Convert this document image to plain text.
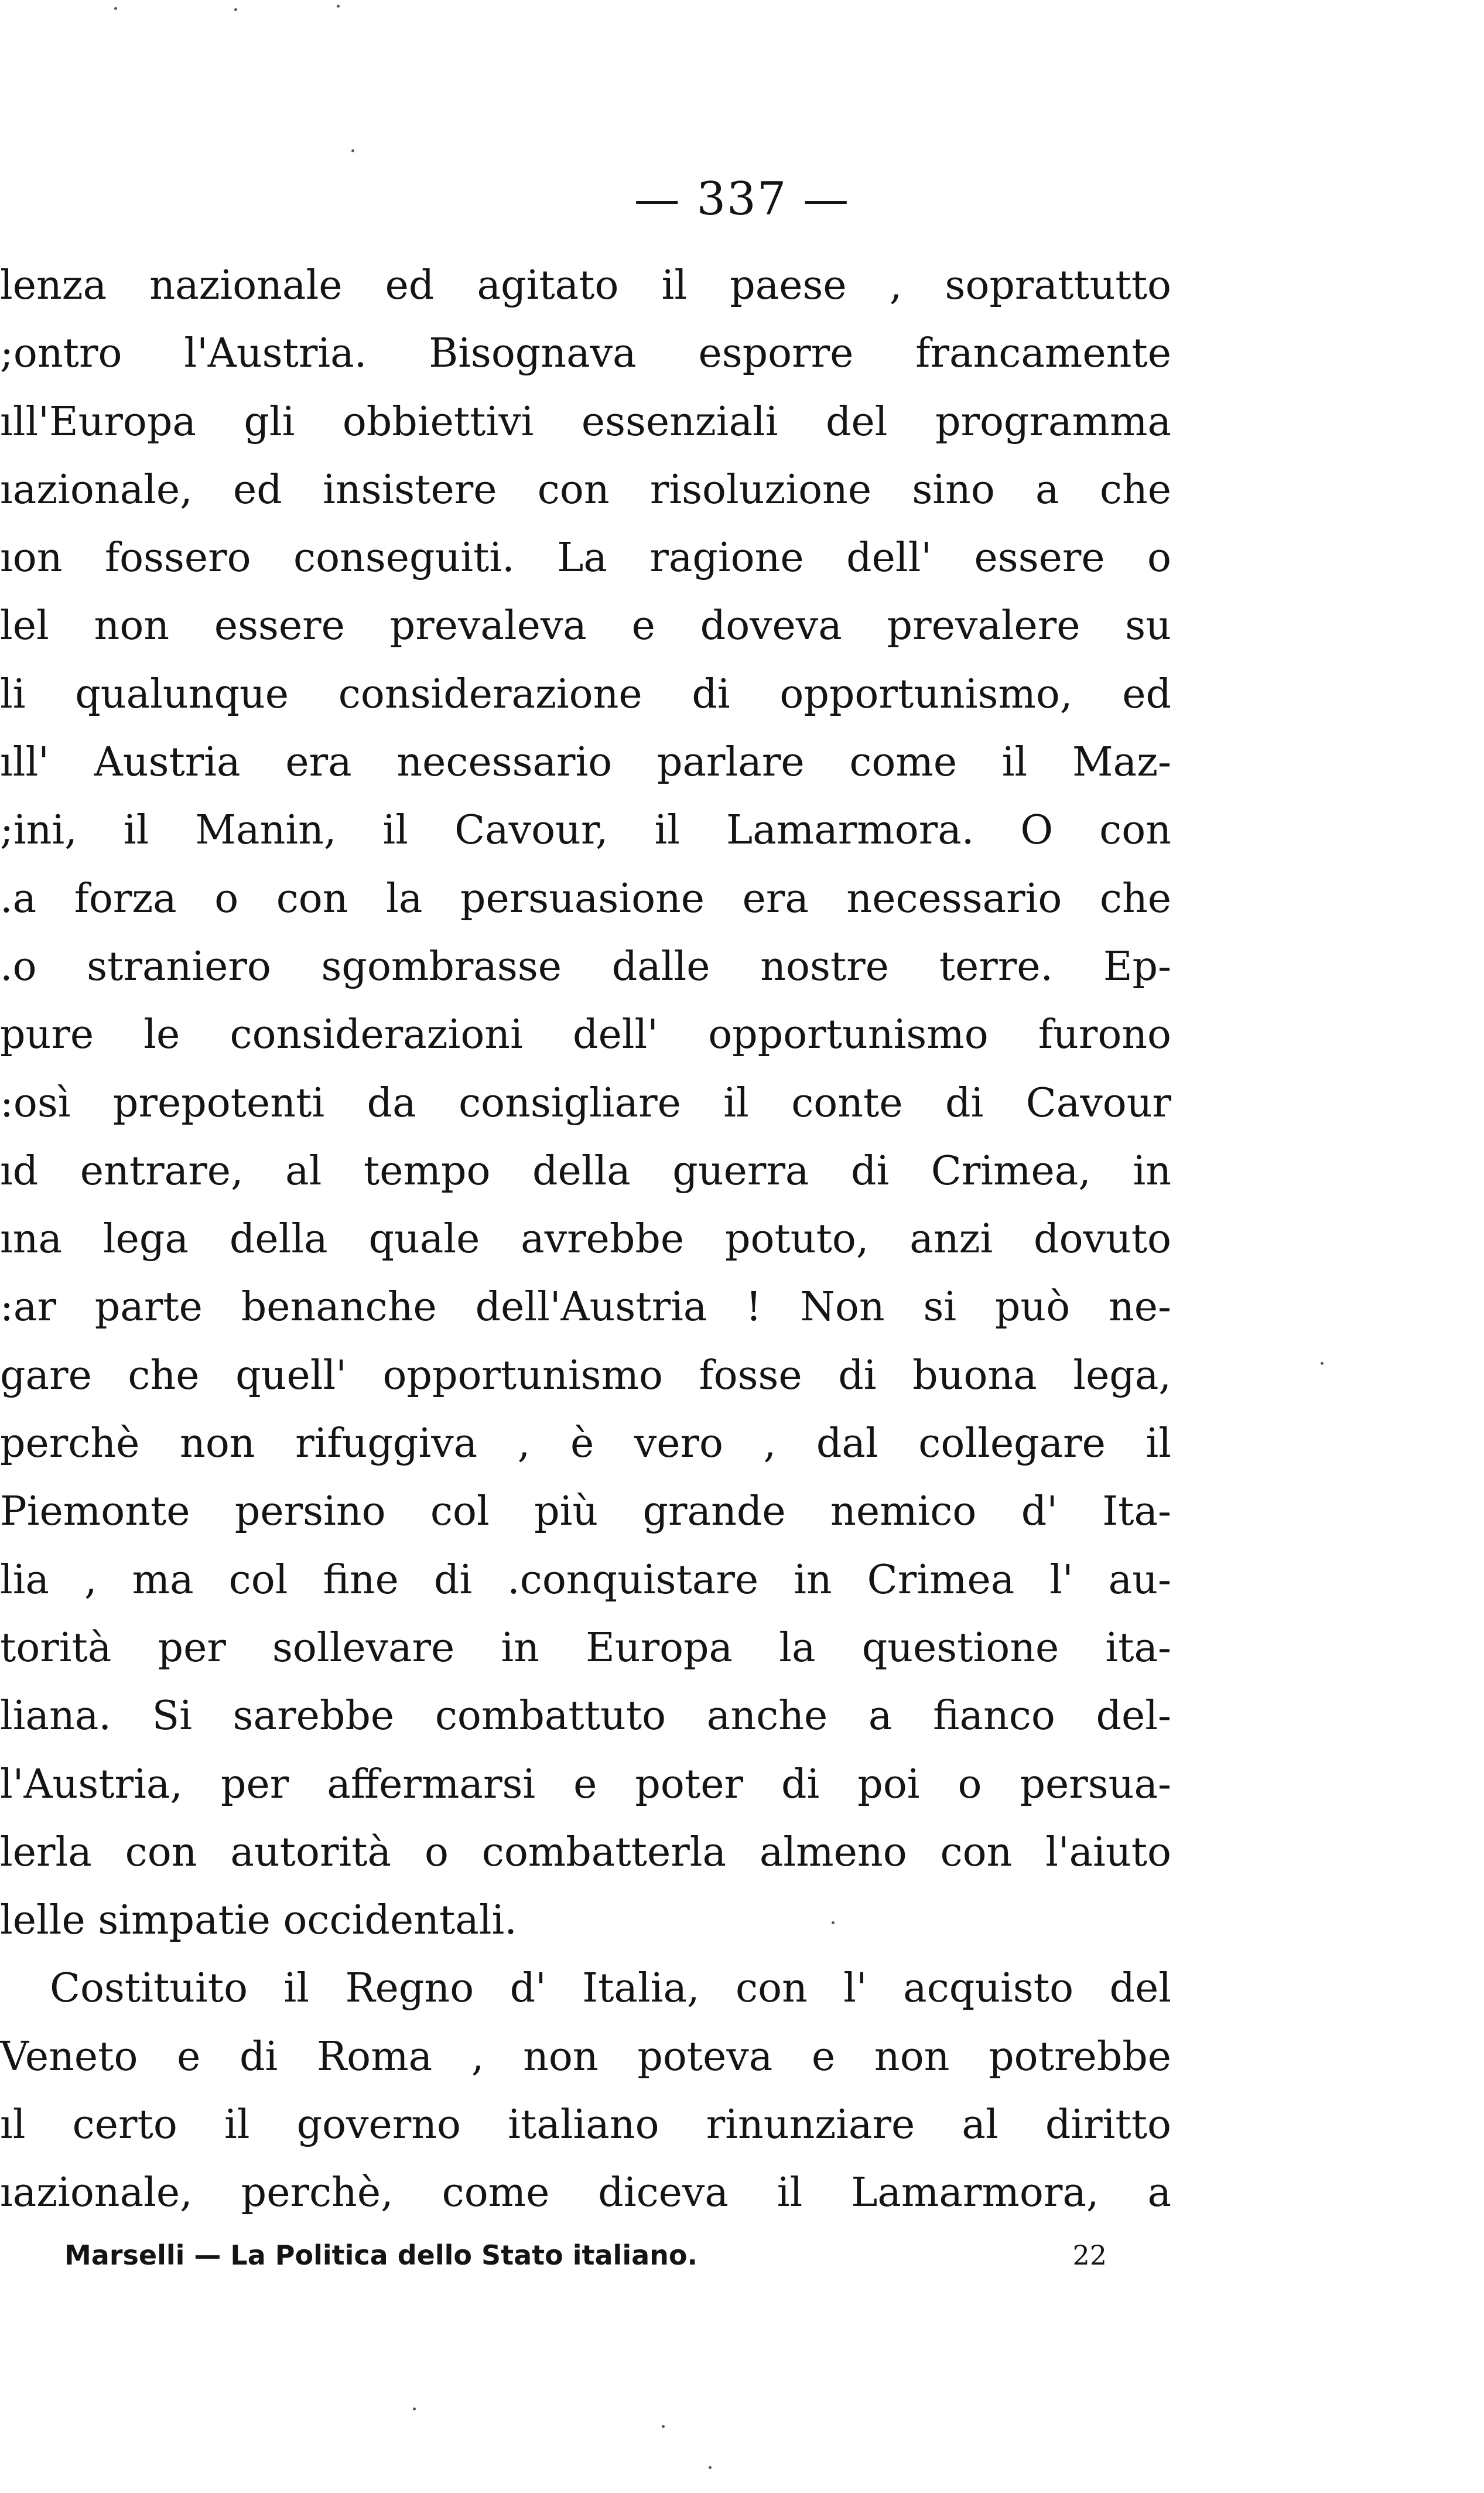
— 337 —
lenza nazionale ed agitato il paese , soprattutto
;ontro l'Austria. Bisognava esporre francamente
ıll'Europa gli obbiettivi essenziali del programma
ıazionale, ed insistere con risoluzione sino a che
ıon fossero conseguiti. La ragione dell' essere o
lel non essere prevaleva e doveva prevalere su
li qualunque considerazione di opportunismo, ed
ıll' Austria era necessario parlare come il Maz-
;ini, il Manin, il Cavour, il Lamarmora. O con
.a forza o con la persuasione era necessario che
.o straniero sgombrasse dalle nostre terre. Ep-
pure le considerazioni dell' opportunismo furono
:osì prepotenti da consigliare il conte di Cavour
ıd entrare, al tempo della guerra di Crimea, in
ına lega della quale avrebbe potuto, anzi dovuto
:ar parte benanche dell'Austria ! Non si può ne-
gare che quell' opportunismo fosse di buona lega,
perchè non rifuggiva , è vero , dal collegare il
Piemonte persino col più grande nemico d' Ita-
lia , ma col fine di .conquistare in Crimea l' au-
torità per sollevare in Europa la questione ita-
liana. Si sarebbe combattuto anche a fianco del-
l'Austria, per affermarsi e poter di poi o persua-
lerla con autorità o combatterla almeno con l'aiuto
lelle simpatie occidentali.
Costituito il Regno d' Italia, con l' acquisto del
Veneto e di Roma , non poteva e non potrebbe
ıl certo il governo italiano rinunziare al diritto
ıazionale, perchè, come diceva il Lamarmora, a
Marselli — La Politica dello Stato italiano.	22
